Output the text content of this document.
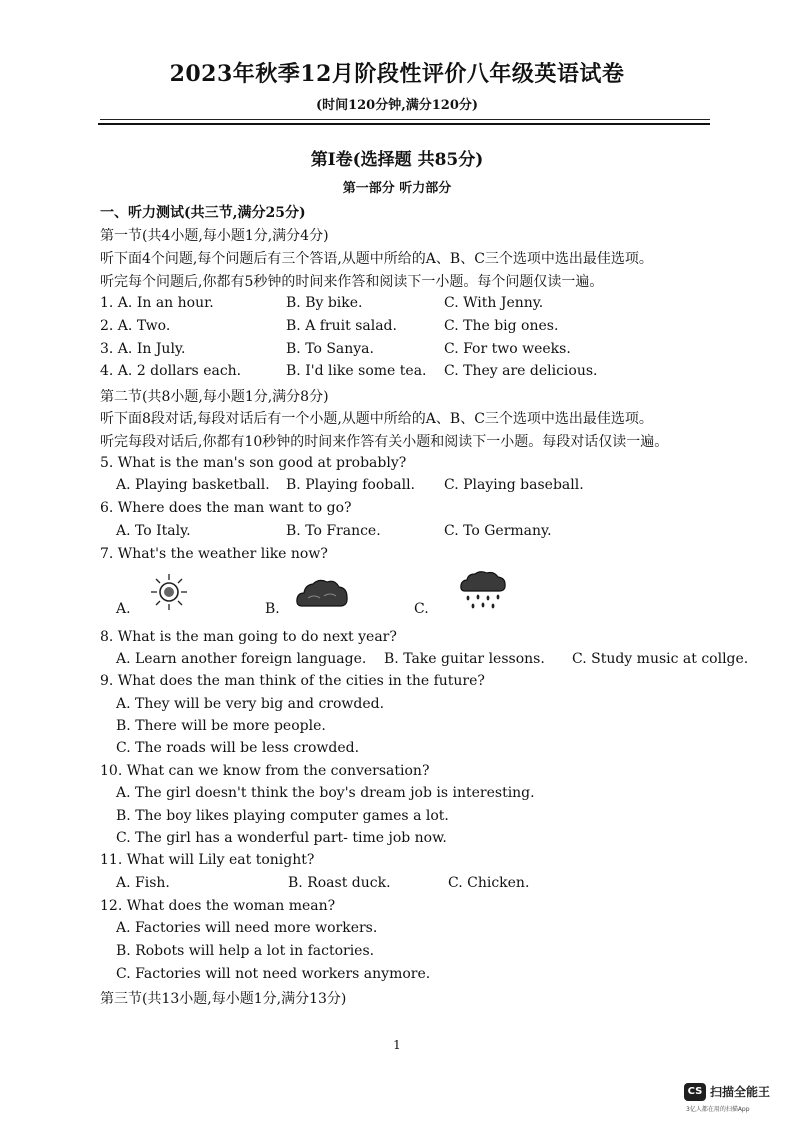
2023年秋季12月阶段性评价八年级英语试卷
(时间120分钟,满分120分)
第I卷(选择题 共85分)
第一部分 听力部分
一、听力测试(共三节,满分25分)
第一节(共4小题,每小题1分,满分4分)
听下面4个问题,每个问题后有三个答语,从题中所给的A、B、C三个选项中选出最佳选项。
听完每个问题后,你都有5秒钟的时间来作答和阅读下一小题。每个问题仅读一遍。
1. A. In an hour.	B. By bike.	C. With Jenny.
2. A. Two.	B. A fruit salad.	C. The big ones.
3. A. In July.	B. To Sanya.	C. For two weeks.
4. A. 2 dollars each.	B. I'd like some tea. C. They are delicious.
第二节(共8小题,每小题1分,满分8分)
听下面8段对话,每段对话后有一个小题,从题中所给的A、B、C三个选项中选出最佳选项。
听完每段对话后,你都有10秒钟的时间来作答有关小题和阅读下一小题。每段对话仅读一遍。
5. What is the man's son good at probably?
A. Playing basketball. B. Playing fooball. C. Playing baseball.
6. Where does the man want to go?
A. To Italy.	B. To France.	C. To Germany.
7. What's the weather like now?
A.	B.	C.
8. What is the man going to do next year?
A. Learn another foreign language. B. Take guitar lessons. C. Study music at collge.
9. What does the man think of the cities in the future?
A. They will be very big and crowded.
B. There will be more people.
C. The roads will be less crowded.
10. What can we know from the conversation?
A. The girl doesn't think the boy's dream job is interesting.
B. The boy likes playing computer games a lot.
C. The girl has a wonderful part- time job now.
11. What will Lily eat tonight?
A. Fish.	B. Roast duck.	C. Chicken.
12. What does the woman mean?
A. Factories will need more workers.
B. Robots will help a lot in factories.
C. Factories will not need workers anymore.
第三节(共13小题,每小题1分,满分13分)
1
CS 扫描全能王
3亿人都在用的扫描App
